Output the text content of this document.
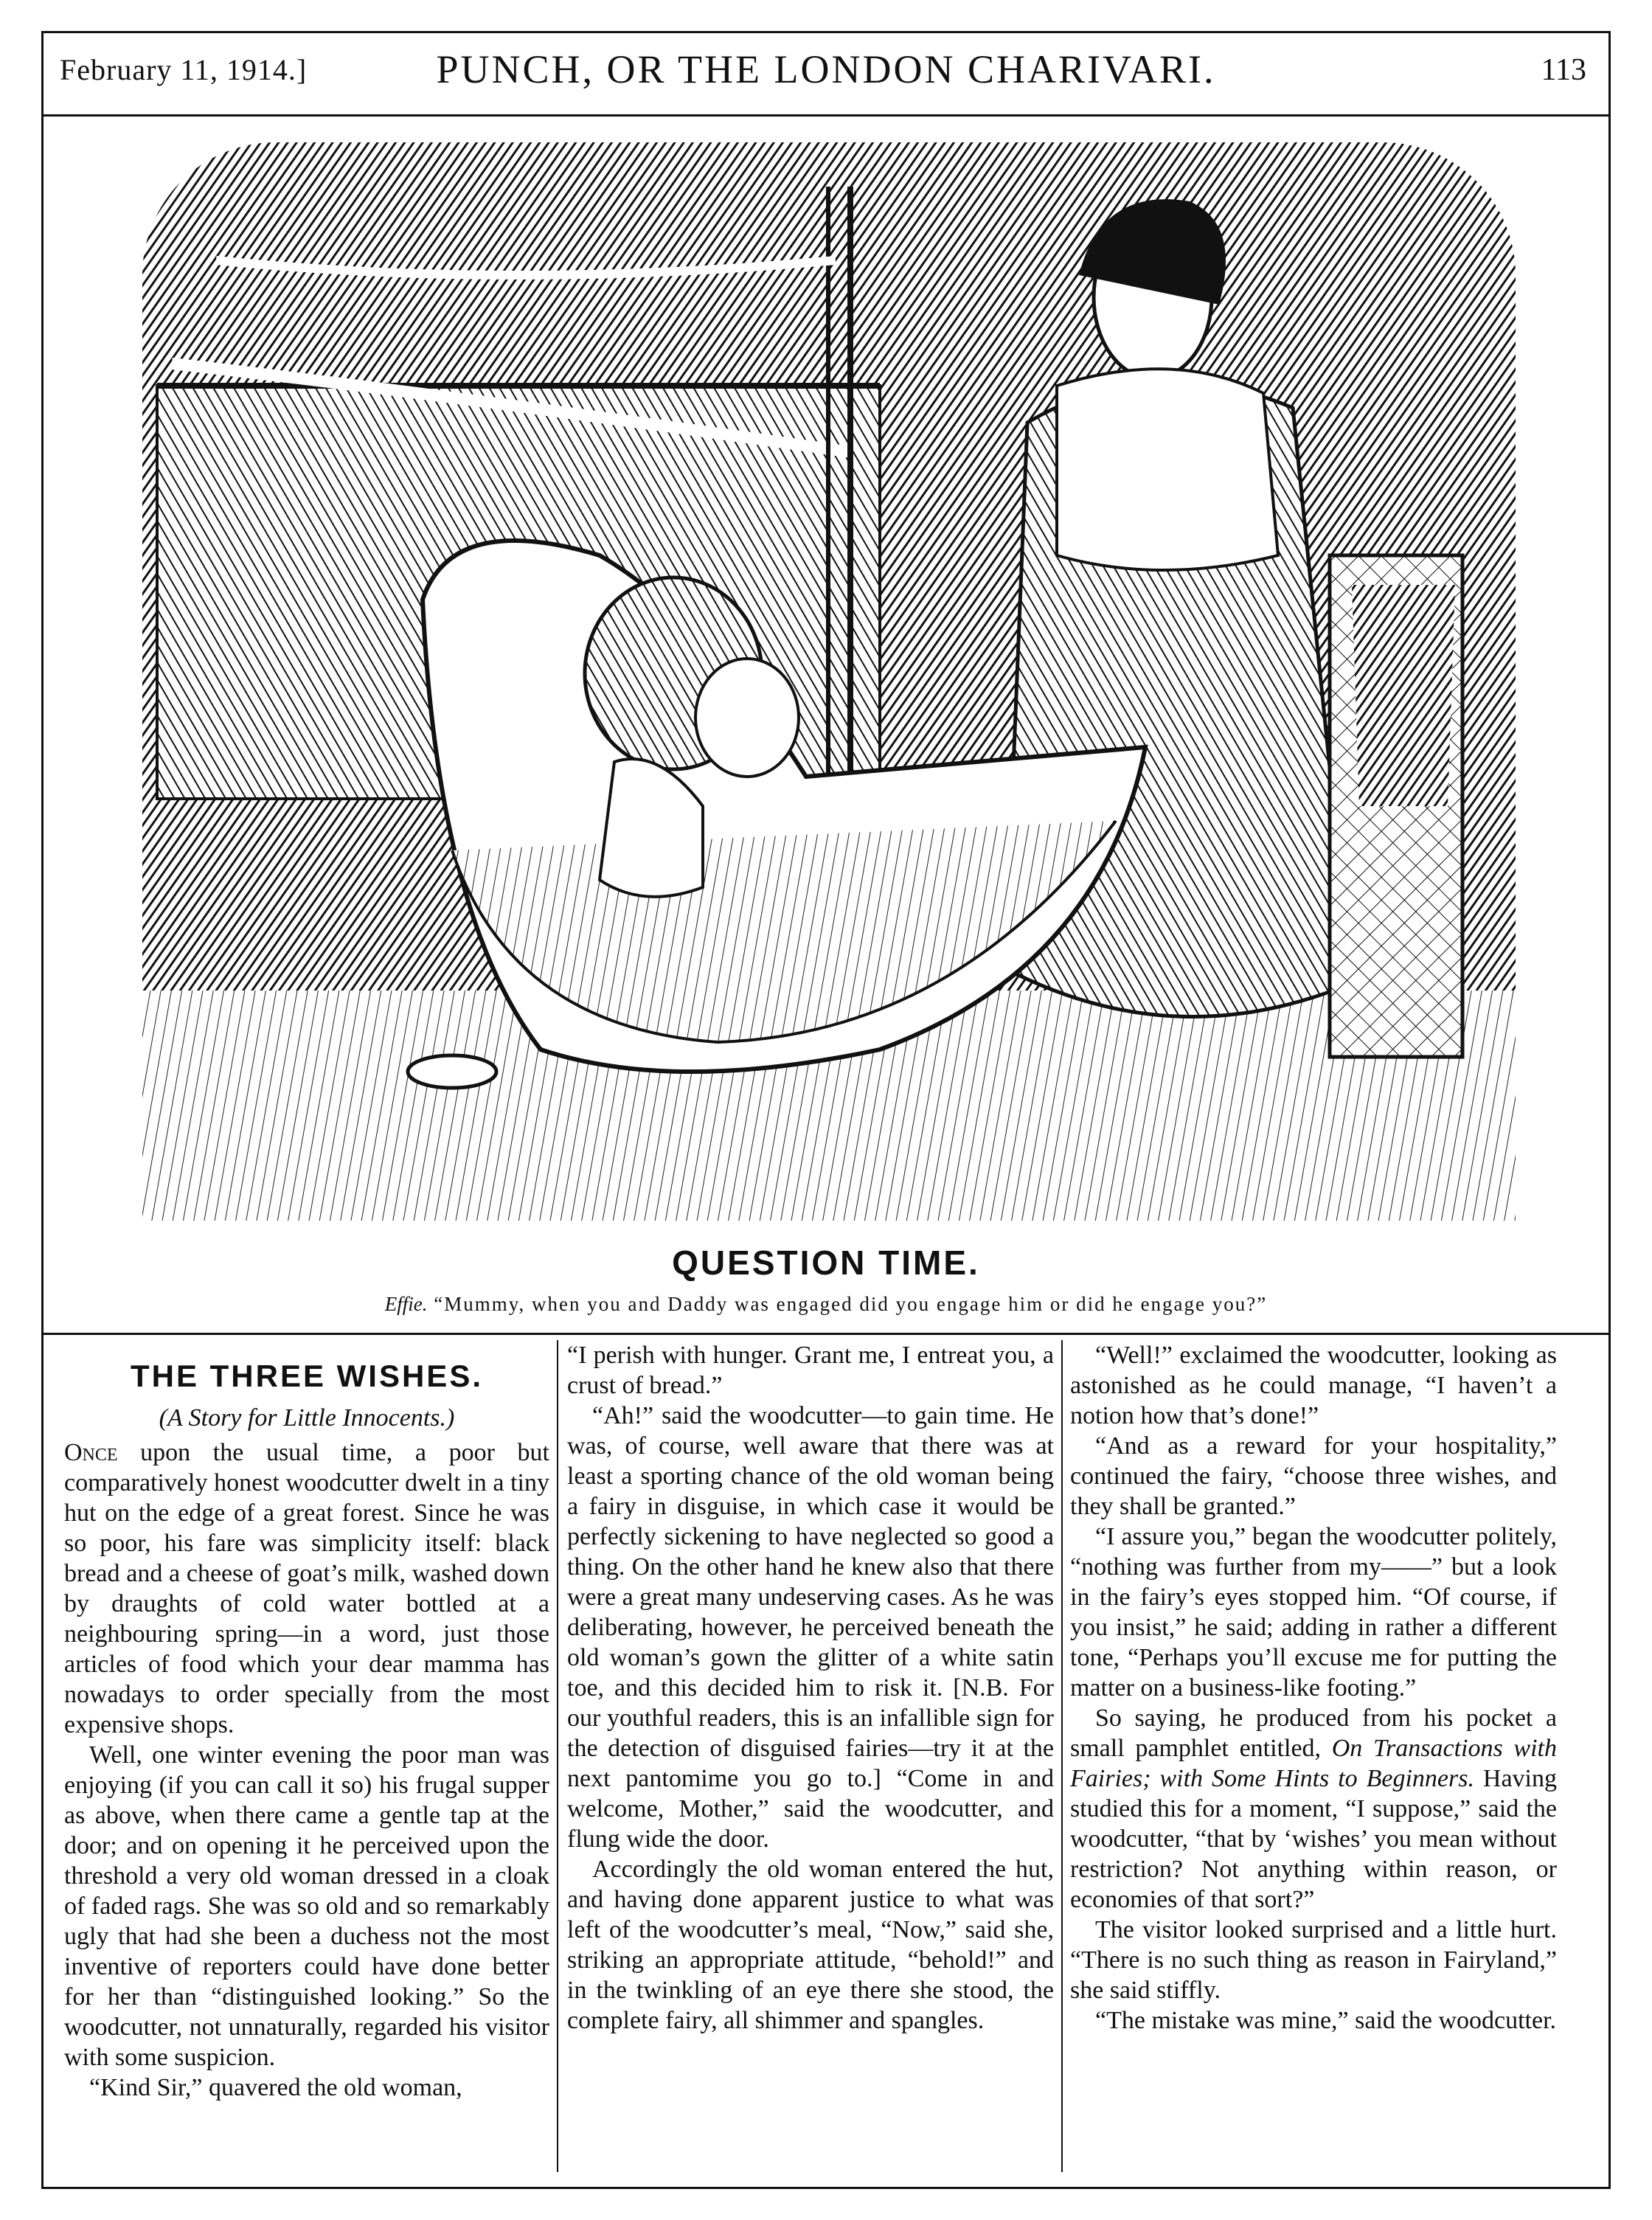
February 11, 1914.]	PUNCH, OR THE LONDON CHARIVARI.	113
QUESTION TIME.
Effie. “Mummy, when you and Daddy was engaged did you engage him or did he engage you?”

THE THREE WISHES.

(A Story for Little Innocents.)

Once upon the usual time, a poor but comparatively honest woodcutter dwelt in a tiny hut on the edge of a great forest. Since he was so poor, his fare was simplicity itself: black bread and a cheese of goat’s milk, washed down by draughts of cold water bottled at a neighbouring spring—in a word, just those articles of food which your dear mamma has nowadays to order specially from the most expensive shops.

Well, one winter evening the poor man was enjoying (if you can call it so) his frugal supper as above, when there came a gentle tap at the door; and on opening it he perceived upon the threshold a very old woman dressed in a cloak of faded rags. She was so old and so remarkably ugly that had she been a duchess not the most inventive of reporters could have done better for her than “distinguished looking.” So the woodcutter, not unnaturally, regarded his visitor with some suspicion.

“Kind Sir,” quavered the old woman,

“I perish with hunger. Grant me, I entreat you, a crust of bread.”

“Ah!” said the woodcutter—to gain time. He was, of course, well aware that there was at least a sporting chance of the old woman being a fairy in disguise, in which case it would be perfectly sickening to have neglected so good a thing. On the other hand he knew also that there were a great many undeserving cases. As he was deliberating, however, he perceived beneath the old woman’s gown the glitter of a white satin toe, and this decided him to risk it. [N.B. For our youthful readers, this is an infallible sign for the detection of disguised fairies—try it at the next pantomime you go to.] “Come in and welcome, Mother,” said the woodcutter, and flung wide the door.

Accordingly the old woman entered the hut, and having done apparent justice to what was left of the woodcutter’s meal, “Now,” said she, striking an appropriate attitude, “behold!” and in the twinkling of an eye there she stood, the complete fairy, all shimmer and spangles.

“Well!” exclaimed the woodcutter, looking as astonished as he could manage, “I haven’t a notion how that’s done!”

“And as a reward for your hospitality,” continued the fairy, “choose three wishes, and they shall be granted.”

“I assure you,” began the woodcutter politely, “nothing was further from my——” but a look in the fairy’s eyes stopped him. “Of course, if you insist,” he said; adding in rather a different tone, “Perhaps you’ll excuse me for putting the matter on a business-like footing.”

So saying, he produced from his pocket a small pamphlet entitled, On Transactions with Fairies; with Some Hints to Beginners. Having studied this for a moment, “I suppose,” said the woodcutter, “that by ‘wishes’ you mean without restriction? Not anything within reason, or economies of that sort?”

The visitor looked surprised and a little hurt. “There is no such thing as reason in Fairyland,” she said stiffly.

“The mistake was mine,” said the woodcutter.
